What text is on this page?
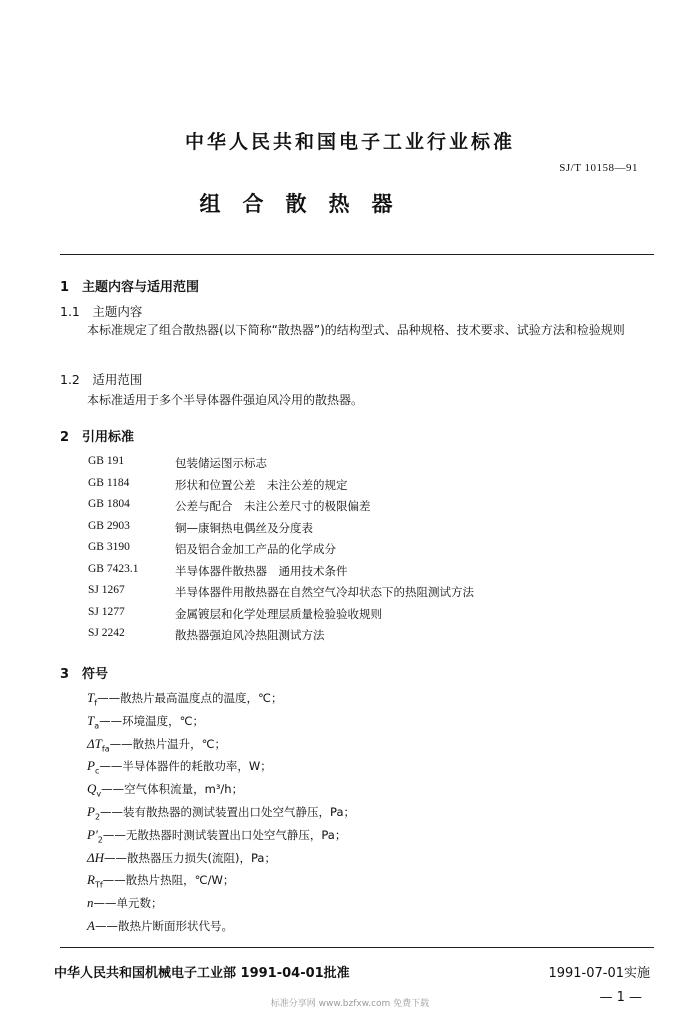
中华人民共和国电子工业行业标准
SJ/T 10158—91
组合散热器
1　主题内容与适用范围
1.1　主题内容
本标准规定了组合散热器(以下简称“散热器”)的结构型式、品种规格、技术要求、试验方法和检验规则
1.2　适用范围
本标准适用于多个半导体器件强迫风冷用的散热器。
2　引用标准
GB 191	包装储运图示标志
GB 1184	形状和位置公差　未注公差的规定
GB 1804	公差与配合　未注公差尺寸的极限偏差
GB 2903	铜—康铜热电偶丝及分度表
GB 3190	铝及铝合金加工产品的化学成分
GB 7423.1	半导体器件散热器　通用技术条件
SJ 1267	半导体器件用散热器在自然空气冷却状态下的热阻测试方法
SJ 1277	金属镀层和化学处理层质量检验验收规则
SJ 2242	散热器强迫风冷热阻测试方法
3　符号
$T_f——$散热片最高温度点的温度，℃；
$T_a——$环境温度，℃；
$\Delta T_{fa}——$散热片温升，℃；
$P_c——$半导体器件的耗散功率，W；
$Q_v——$空气体积流量，m³/h；
$P_2——$装有散热器的测试装置出口处空气静压，Pa；
$P'_2——$无散热器时测试装置出口处空气静压，Pa；
ΔH——散热器压力损失(流阻)，Pa；
$R_{Tf}——$散热片热阻，℃/W；
n——单元数；
A——散热片断面形状代号。
中华人民共和国机械电子工业部 1991-04-01批准	1991-07-01实施
标准分享网 www.bzfxw.com 免费下载	— 1 —
